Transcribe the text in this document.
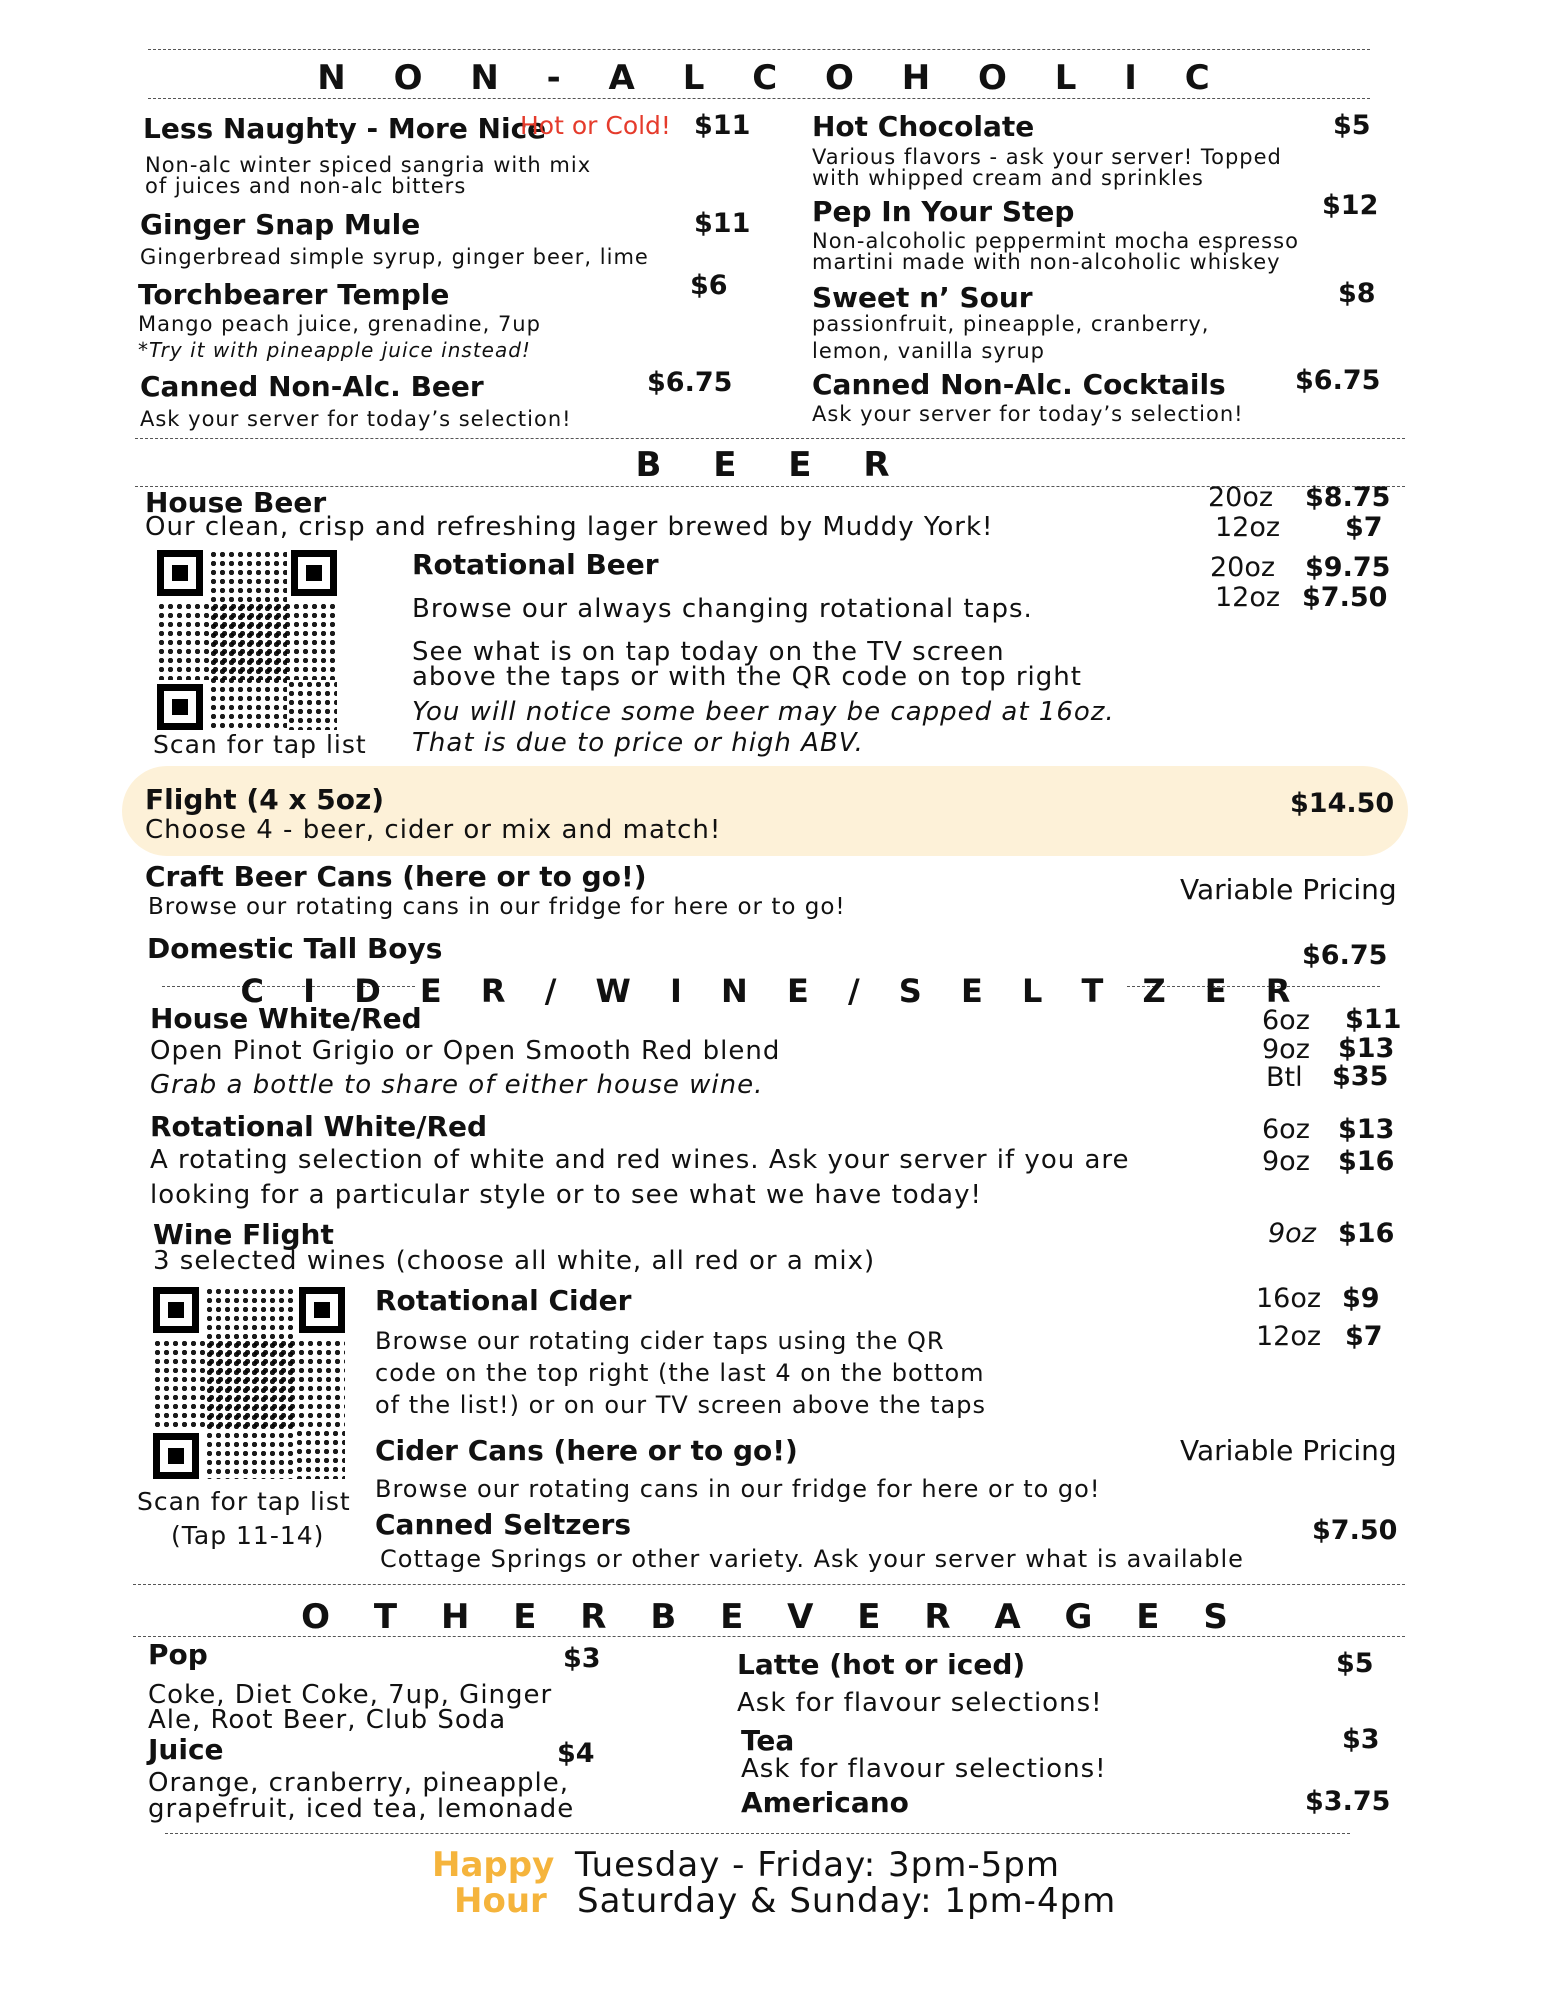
N O N - A L C O H O L I C
Less Naughty - More Nice
Hot or Cold! $11
Non-alc winter spiced sangria with mix
of juices and non-alc bitters
Ginger Snap Mule	$11
Gingerbread simple syrup, ginger beer, lime
Torchbearer Temple	$6
Mango peach juice, grenadine, 7up
*Try it with pineapple juice instead!
Canned Non-Alc. Beer	$6.75
Ask your server for today’s selection!
Hot Chocolate	$5
Various flavors - ask your server! Topped
with whipped cream and sprinkles
Pep In Your Step	$12
Non-alcoholic peppermint mocha espresso
martini made with non-alcoholic whiskey
Sweet n’ Sour	$8
passionfruit, pineapple, cranberry,
lemon, vanilla syrup
Canned Non-Alc. Cocktails	$6.75
Ask your server for today’s selection!
B E E R
House Beer
Our clean, crisp and refreshing lager brewed by Muddy York!
20oz $8.75
12oz $7
Scan for tap list
Rotational Beer	20oz $9.75
12oz $7.50
Browse our always changing rotational taps.
See what is on tap today on the TV screen
above the taps or with the QR code on top right
You will notice some beer may be capped at 16oz.
That is due to price or high ABV.
Flight (4 x 5oz)
Choose 4 - beer, cider or mix and match!
$14.50
Craft Beer Cans (here or to go!)
Browse our rotating cans in our fridge for here or to go!
Variable Pricing
Domestic Tall Boys	$6.75
C I D E R / W I N E / S E L T Z E R
House White/Red
Open Pinot Grigio or Open Smooth Red blend
Grab a bottle to share of either house wine.
6oz $11
9oz $13
Btl $35
Rotational White/Red
A rotating selection of white and red wines. Ask your server if you are
looking for a particular style or to see what we have today!
6oz $13
9oz $16
Wine Flight
3 selected wines (choose all white, all red or a mix)
9oz $16
Scan for tap list
(Tap 11-14)
Rotational Cider
Browse our rotating cider taps using the QR
code on the top right (the last 4 on the bottom
of the list!) or on our TV screen above the taps
16oz $9
12oz $7
Cider Cans (here or to go!)	Variable Pricing
Browse our rotating cans in our fridge for here or to go!
Canned Seltzers	$7.50
Cottage Springs or other variety. Ask your server what is available
O T H E R B E V E R A G E S
Pop	$3
Coke, Diet Coke, 7up, Ginger
Ale, Root Beer, Club Soda
Juice	$4
Orange, cranberry, pineapple,
grapefruit, iced tea, lemonade
Latte (hot or iced)	$5
Ask for flavour selections!
Tea	$3
Ask for flavour selections!
Americano	$3.75
Happy
Hour
Tuesday - Friday: 3pm-5pm
Saturday & Sunday: 1pm-4pm
